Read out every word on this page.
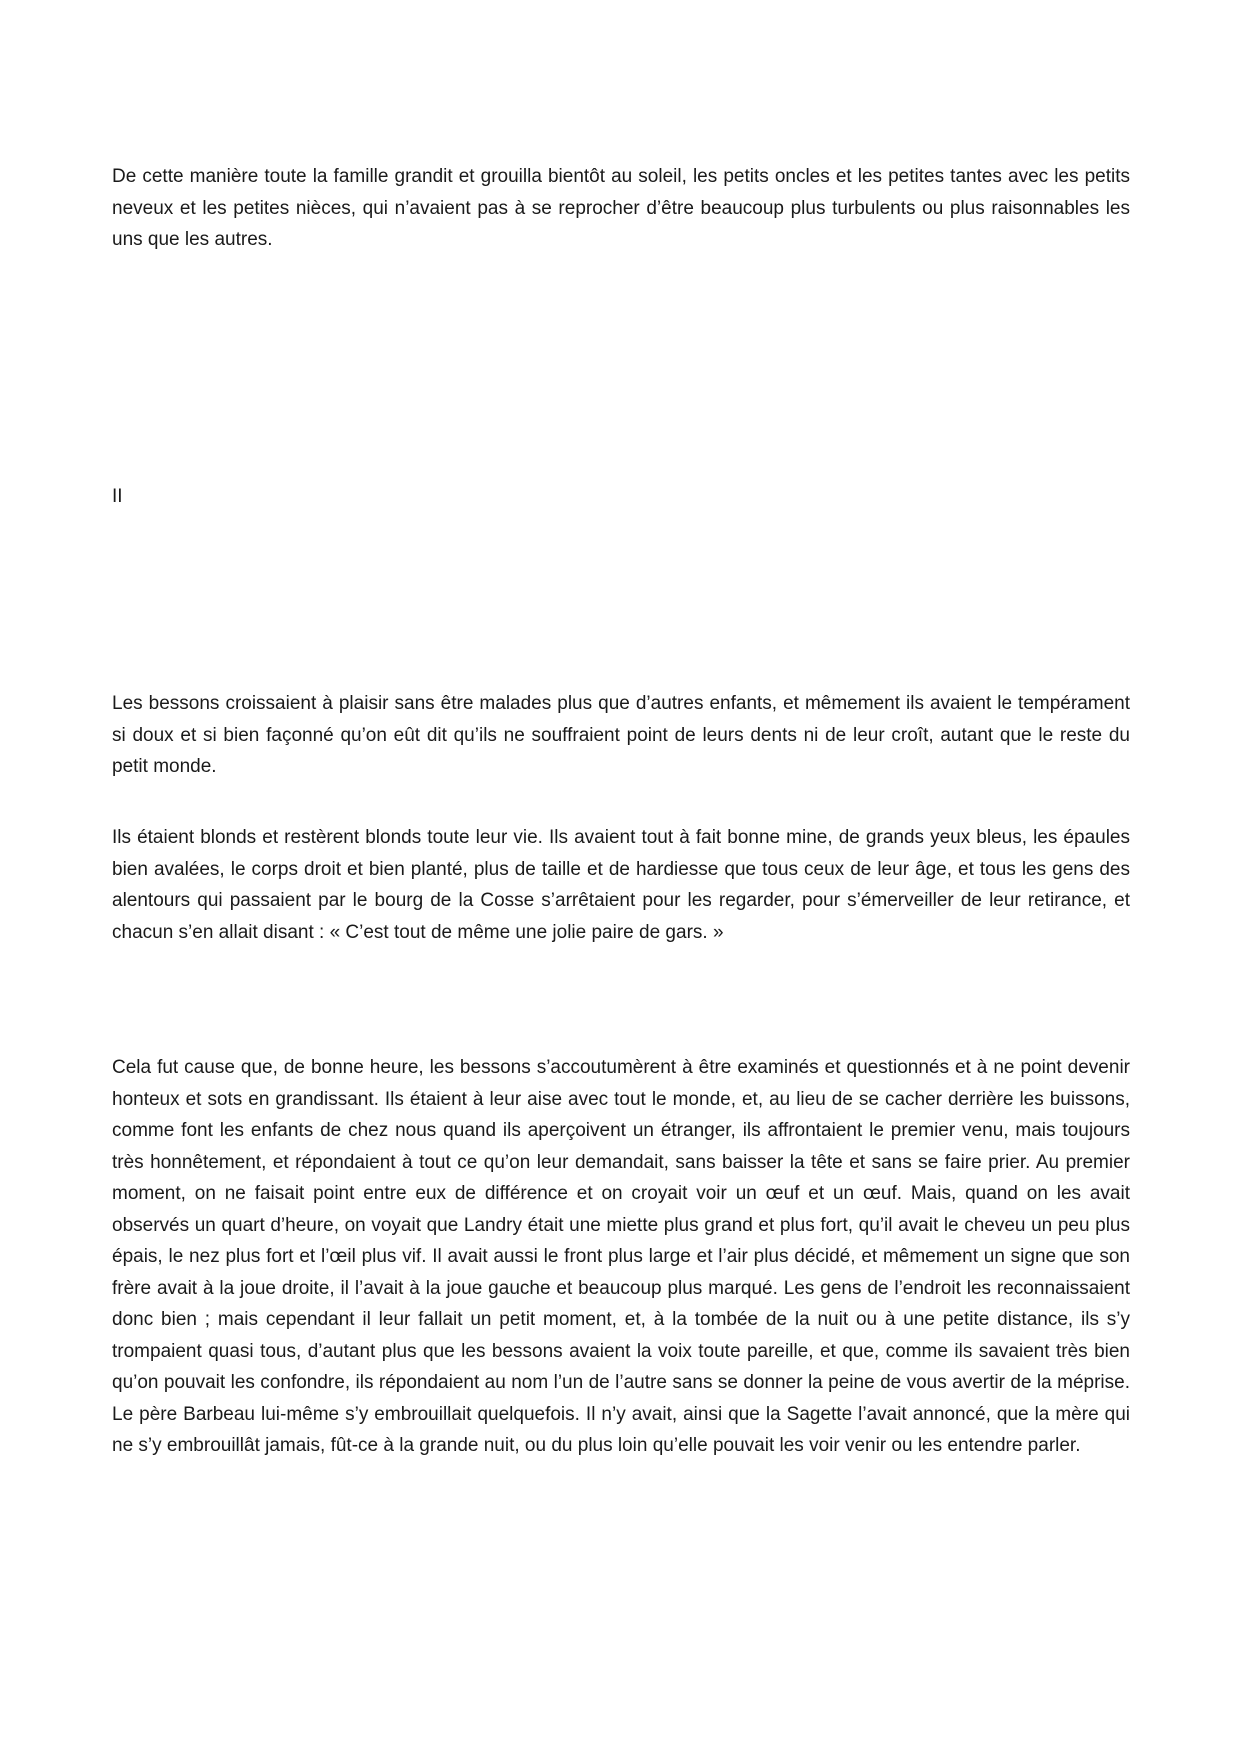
De cette manière toute la famille grandit et grouilla bientôt au soleil, les petits oncles et les petites tantes avec les petits neveux et les petites nièces, qui n’avaient pas à se reprocher d’être beaucoup plus turbulents ou plus raisonnables les uns que les autres.

II

Les bessons croissaient à plaisir sans être malades plus que d’autres enfants, et mêmement ils avaient le tempérament si doux et si bien façonné qu’on eût dit qu’ils ne souffraient point de leurs dents ni de leur croît, autant que le reste du petit monde.

Ils étaient blonds et restèrent blonds toute leur vie. Ils avaient tout à fait bonne mine, de grands yeux bleus, les épaules bien avalées, le corps droit et bien planté, plus de taille et de hardiesse que tous ceux de leur âge, et tous les gens des alentours qui passaient par le bourg de la Cosse s’arrêtaient pour les regarder, pour s’émerveiller de leur retirance, et chacun s’en allait disant : « C’est tout de même une jolie paire de gars. »

Cela fut cause que, de bonne heure, les bessons s’accoutumèrent à être examinés et questionnés et à ne point devenir honteux et sots en grandissant. Ils étaient à leur aise avec tout le monde, et, au lieu de se cacher derrière les buissons, comme font les enfants de chez nous quand ils aperçoivent un étranger, ils affrontaient le premier venu, mais toujours très honnêtement, et répondaient à tout ce qu’on leur demandait, sans baisser la tête et sans se faire prier. Au premier moment, on ne faisait point entre eux de différence et on croyait voir un œuf et un œuf. Mais, quand on les avait observés un quart d’heure, on voyait que Landry était une miette plus grand et plus fort, qu’il avait le cheveu un peu plus épais, le nez plus fort et l’œil plus vif. Il avait aussi le front plus large et l’air plus décidé, et mêmement un signe que son frère avait à la joue droite, il l’avait à la joue gauche et beaucoup plus marqué. Les gens de l’endroit les reconnaissaient donc bien ; mais cependant il leur fallait un petit moment, et, à la tombée de la nuit ou à une petite distance, ils s’y trompaient quasi tous, d’autant plus que les bessons avaient la voix toute pareille, et que, comme ils savaient très bien qu’on pouvait les confondre, ils répondaient au nom l’un de l’autre sans se donner la peine de vous avertir de la méprise. Le père Barbeau lui-même s’y embrouillait quelquefois. Il n’y avait, ainsi que la Sagette l’avait annoncé, que la mère qui ne s’y embrouillât jamais, fût-ce à la grande nuit, ou du plus loin qu’elle pouvait les voir venir ou les entendre parler.
